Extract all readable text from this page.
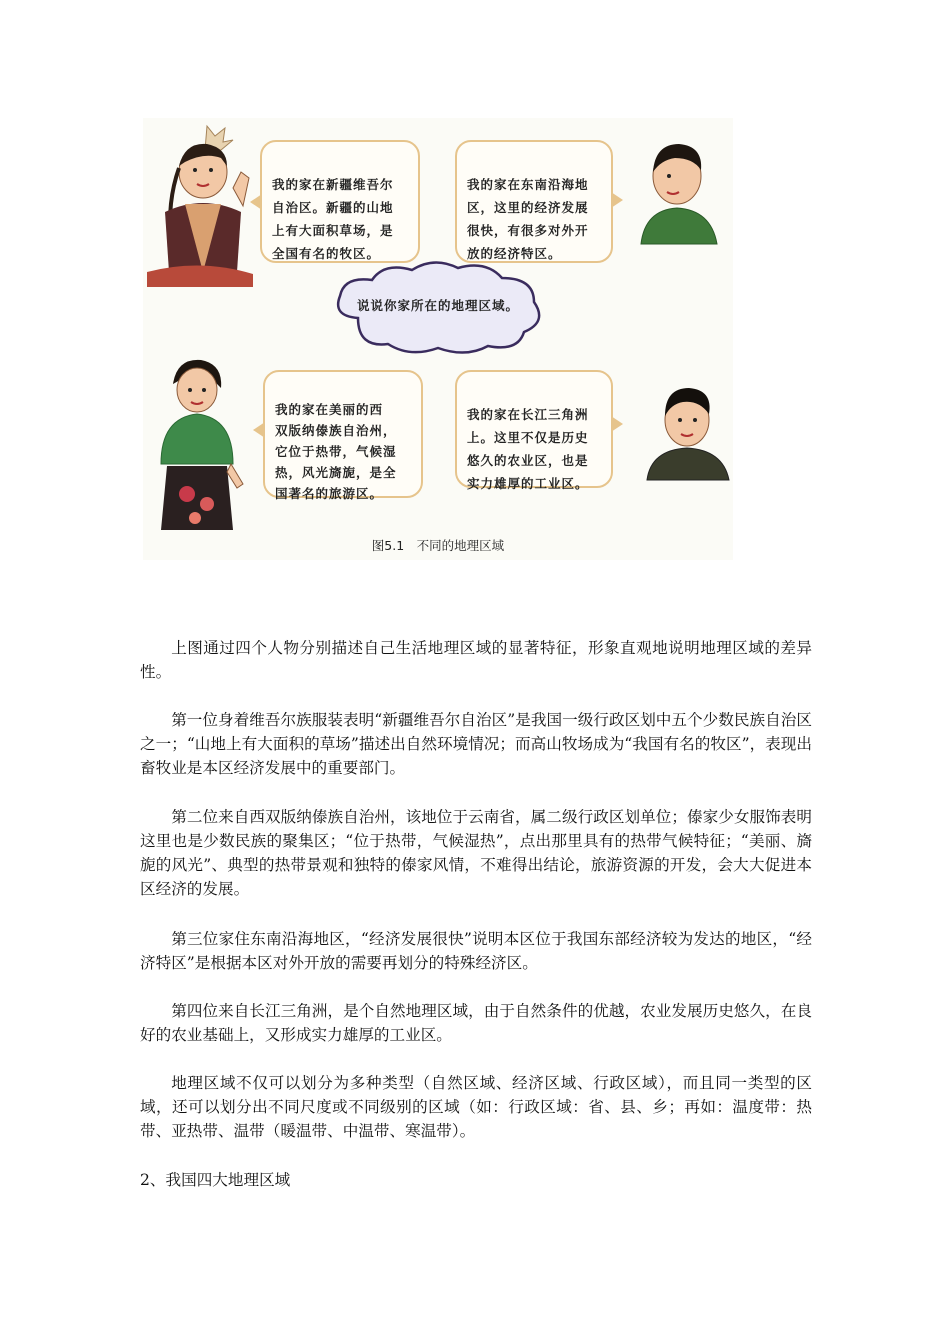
我的家在新疆维吾尔
自治区。新疆的山地
上有大面积草场，是
全国有名的牧区。

我的家在东南沿海地
区，这里的经济发展
很快，有很多对外开
放的经济特区。

说说你家所在的地理区域。

我的家在美丽的西
双版纳傣族自治州，
它位于热带，气候湿
热，风光旖旎，是全
国著名的旅游区。

我的家在长江三角洲
上。这里不仅是历史
悠久的农业区，也是
实力雄厚的工业区。

图5.1　不同的地理区域

上图通过四个人物分别描述自己生活地理区域的显著特征，形象直观地说明地理区域的差异性。

第一位身着维吾尔族服装表明“新疆维吾尔自治区”是我国一级行政区划中五个少数民族自治区之一；“山地上有大面积的草场”描述出自然环境情况；而高山牧场成为“我国有名的牧区”，表现出畜牧业是本区经济发展中的重要部门。

第二位来自西双版纳傣族自治州，该地位于云南省，属二级行政区划单位；傣家少女服饰表明这里也是少数民族的聚集区；“位于热带，气候湿热”，点出那里具有的热带气候特征；“美丽、旖旎的风光”、典型的热带景观和独特的傣家风情，不难得出结论，旅游资源的开发，会大大促进本区经济的发展。

第三位家住东南沿海地区，“经济发展很快”说明本区位于我国东部经济较为发达的地区，“经济特区”是根据本区对外开放的需要再划分的特殊经济区。

第四位来自长江三角洲，是个自然地理区域，由于自然条件的优越，农业发展历史悠久，在良好的农业基础上，又形成实力雄厚的工业区。

地理区域不仅可以划分为多种类型（自然区域、经济区域、行政区域），而且同一类型的区域，还可以划分出不同尺度或不同级别的区域（如：行政区域：省、县、乡；再如：温度带：热带、亚热带、温带（暖温带、中温带、寒温带）。

2、我国四大地理区域
